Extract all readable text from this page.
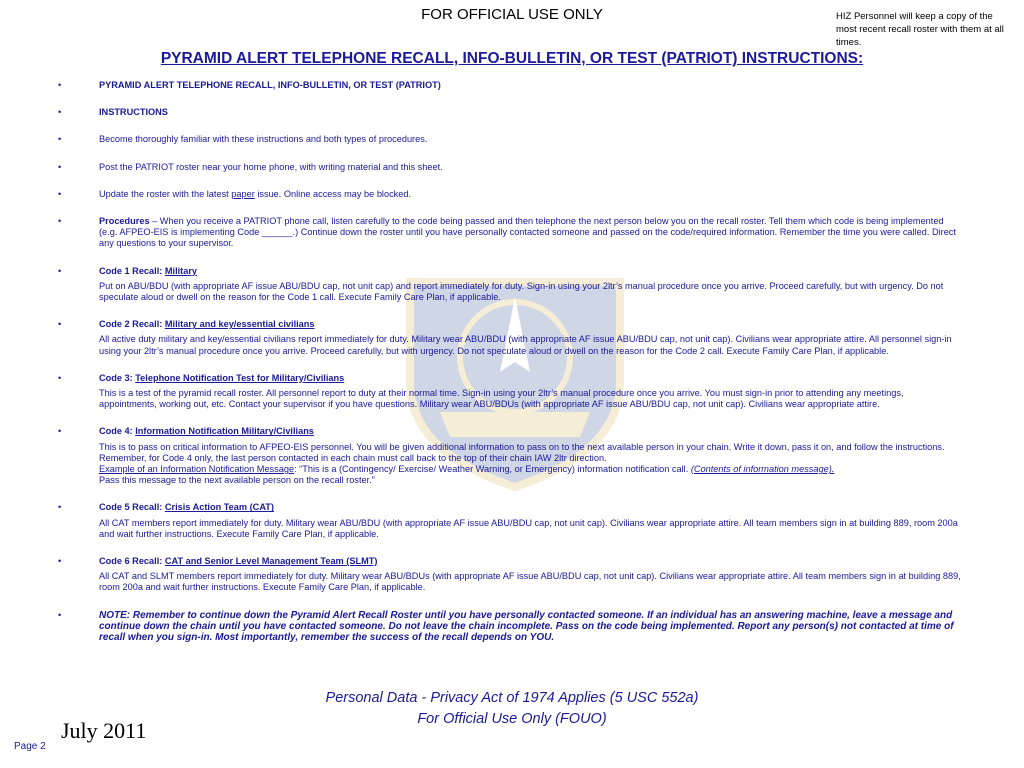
FOR OFFICIAL USE ONLY	HIZ Personnel will keep a copy of the most recent recall roster with them at all times.
PYRAMID ALERT TELEPHONE RECALL, INFO-BULLETIN, OR TEST (PATRIOT) INSTRUCTIONS:
•	PYRAMID ALERT TELEPHONE RECALL, INFO-BULLETIN, OR TEST (PATRIOT)
•	INSTRUCTIONS
•	Become thoroughly familiar with these instructions and both types of procedures.
•	Post the PATRIOT roster near your home phone, with writing material and this sheet.
•	Update the roster with the latest paper issue. Online access may be blocked.
•	Procedures – When you receive a PATRIOT phone call, listen carefully to the code being passed and then telephone the next person below you on the recall roster. Tell them which code is being implemented (e.g. AFPEO-EIS is implementing Code ______.) Continue down the roster until you have personally contacted someone and passed on the code/required information. Remember the time you were called. Direct any questions to your supervisor.
•	Code 1 Recall: Military
Put on ABU/BDU (with appropriate AF issue ABU/BDU cap, not unit cap) and report immediately for duty. Sign-in using your 2ltr’s manual procedure once you arrive. Proceed carefully, but with urgency. Do not speculate aloud or dwell on the reason for the Code 1 call. Execute Family Care Plan, if applicable.
•	Code 2 Recall: Military and key/essential civilians
All active duty military and key/essential civilians report immediately for duty. Military wear ABU/BDU (with appropriate AF issue ABU/BDU cap, not unit cap). Civilians wear appropriate attire. All personnel sign-in using your 2ltr’s manual procedure once you arrive. Proceed carefully, but with urgency. Do not speculate aloud or dwell on the reason for the Code 2 call. Execute Family Care Plan, if applicable.
•	Code 3: Telephone Notification Test for Military/Civilians
This is a test of the pyramid recall roster. All personnel report to duty at their normal time. Sign-in using your 2ltr’s manual procedure once you arrive. You must sign-in prior to attending any meetings, appointments, working out, etc. Contact your supervisor if you have questions. Military wear ABU/BDUs (with appropriate AF issue ABU/BDU cap, not unit cap). Civilians wear appropriate attire.
•	Code 4: Information Notification Military/Civilians
This is to pass on critical information to AFPEO-EIS personnel. You will be given additional information to pass on to the next available person in your chain. Write it down, pass it on, and follow the instructions. Remember, for Code 4 only, the last person contacted in each chain must call back to the top of their chain IAW 2ltr direction.
Example of an Information Notification Message: “This is a (Contingency/ Exercise/ Weather Warning, or Emergency) information notification call. (Contents of information message).
Pass this message to the next available person on the recall roster.”
•	Code 5 Recall: Crisis Action Team (CAT)
All CAT members report immediately for duty. Military wear ABU/BDU (with appropriate AF issue ABU/BDU cap, not unit cap). Civilians wear appropriate attire. All team members sign in at building 889, room 200a and wait further instructions. Execute Family Care Plan, if applicable.
•	Code 6 Recall: CAT and Senior Level Management Team (SLMT)
All CAT and SLMT members report immediately for duty. Military wear ABU/BDUs (with appropriate AF issue ABU/BDU cap, not unit cap). Civilians wear appropriate attire. All team members sign in at building 889, room 200a and wait further instructions. Execute Family Care Plan, if applicable.
•	NOTE: Remember to continue down the Pyramid Alert Recall Roster until you have personally contacted someone. If an individual has an answering machine, leave a message and continue down the chain until you have contacted someone. Do not leave the chain incomplete. Pass on the code being implemented. Report any person(s) not contacted at time of recall when you sign-in. Most importantly, remember the success of the recall depends on YOU.
Personal Data - Privacy Act of 1974 Applies (5 USC 552a)
For Official Use Only (FOUO)
July 2011
Page 2
